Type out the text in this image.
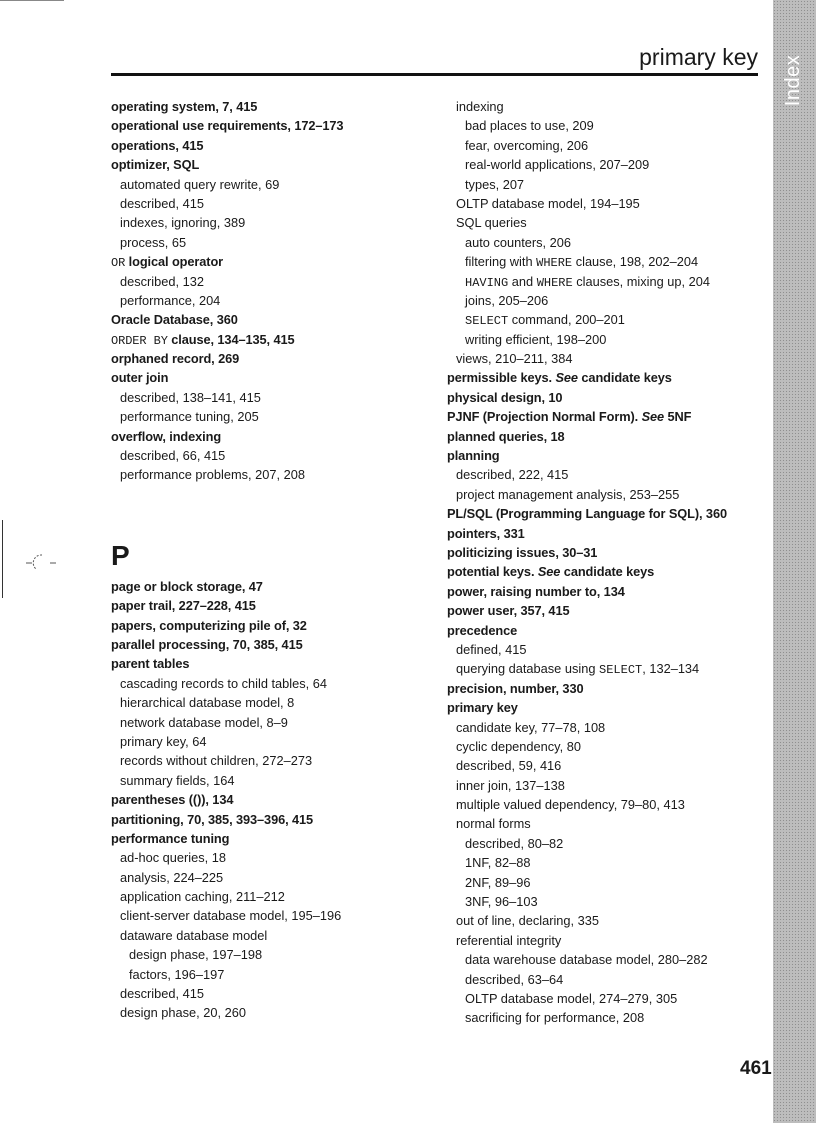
Index
primary key
operating system, 7, 415
operational use requirements, 172–173
operations, 415
optimizer, SQL
automated query rewrite, 69
described, 415
indexes, ignoring, 389
process, 65
OR logical operator
described, 132
performance, 204
Oracle Database, 360
ORDER BY clause, 134–135, 415
orphaned record, 269
outer join
described, 138–141, 415
performance tuning, 205
overflow, indexing
described, 66, 415
performance problems, 207, 208
P
page or block storage, 47
paper trail, 227–228, 415
papers, computerizing pile of, 32
parallel processing, 70, 385, 415
parent tables
cascading records to child tables, 64
hierarchical database model, 8
network database model, 8–9
primary key, 64
records without children, 272–273
summary fields, 164
parentheses (()), 134
partitioning, 70, 385, 393–396, 415
performance tuning
ad-hoc queries, 18
analysis, 224–225
application caching, 211–212
client-server database model, 195–196
dataware database model
design phase, 197–198
factors, 196–197
described, 415
design phase, 20, 260
indexing
bad places to use, 209
fear, overcoming, 206
real-world applications, 207–209
types, 207
OLTP database model, 194–195
SQL queries
auto counters, 206
filtering with WHERE clause, 198, 202–204
HAVING and WHERE clauses, mixing up, 204
joins, 205–206
SELECT command, 200–201
writing efficient, 198–200
views, 210–211, 384
permissible keys. See candidate keys
physical design, 10
PJNF (Projection Normal Form). See 5NF
planned queries, 18
planning
described, 222, 415
project management analysis, 253–255
PL/SQL (Programming Language for SQL), 360
pointers, 331
politicizing issues, 30–31
potential keys. See candidate keys
power, raising number to, 134
power user, 357, 415
precedence
defined, 415
querying database using SELECT, 132–134
precision, number, 330
primary key
candidate key, 77–78, 108
cyclic dependency, 80
described, 59, 416
inner join, 137–138
multiple valued dependency, 79–80, 413
normal forms
described, 80–82
1NF, 82–88
2NF, 89–96
3NF, 96–103
out of line, declaring, 335
referential integrity
data warehouse database model, 280–282
described, 63–64
OLTP database model, 274–279, 305
sacrificing for performance, 208
461
